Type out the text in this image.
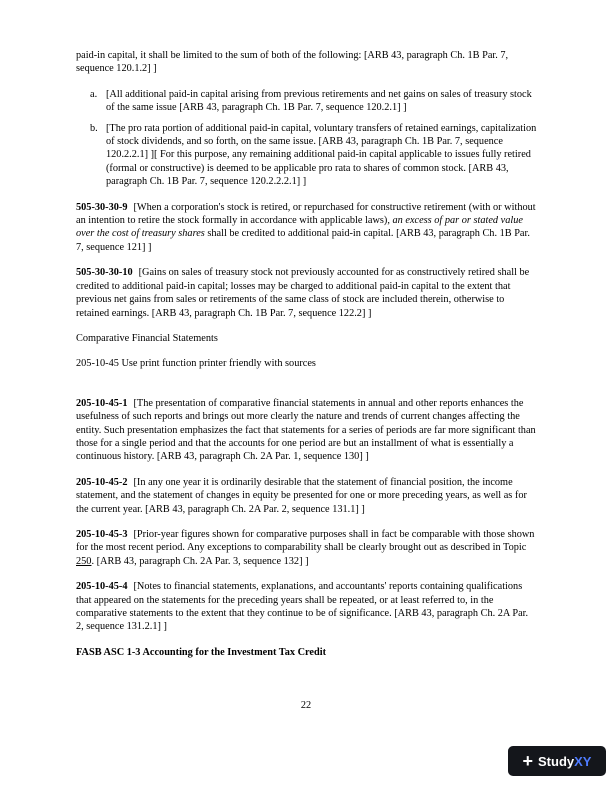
paid-in capital, it shall be limited to the sum of both of the following: [ARB 43, paragraph Ch. 1B Par. 7, sequence 120.1.2] ]

a. [All additional paid-in capital arising from previous retirements and net gains on sales of treasury stock of the same issue [ARB 43, paragraph Ch. 1B Par. 7, sequence 120.2.1] ]
b. [The pro rata portion of additional paid-in capital, voluntary transfers of retained earnings, capitalization of stock dividends, and so forth, on the same issue. [ARB 43, paragraph Ch. 1B Par. 7, sequence 120.2.2.1] ][ For this purpose, any remaining additional paid-in capital applicable to issues fully retired (formal or constructive) is deemed to be applicable pro rata to shares of common stock. [ARB 43, paragraph Ch. 1B Par. 7, sequence 120.2.2.2.1] ]

505-30-30-9 [When a corporation's stock is retired, or repurchased for constructive retirement (with or without an intention to retire the stock formally in accordance with applicable laws), an excess of par or stated value over the cost of treasury shares shall be credited to additional paid-in capital. [ARB 43, paragraph Ch. 1B Par. 7, sequence 121] ]

505-30-30-10 [Gains on sales of treasury stock not previously accounted for as constructively retired shall be credited to additional paid-in capital; losses may be charged to additional paid-in capital to the extent that previous net gains from sales or retirements of the same class of stock are included therein, otherwise to retained earnings. [ARB 43, paragraph Ch. 1B Par. 7, sequence 122.2] ]

Comparative Financial Statements

205-10-45 Use print function printer friendly with sources

205-10-45-1 [The presentation of comparative financial statements in annual and other reports enhances the usefulness of such reports and brings out more clearly the nature and trends of current changes affecting the entity. Such presentation emphasizes the fact that statements for a series of periods are far more significant than those for a single period and that the accounts for one period are but an installment of what is essentially a continuous history. [ARB 43, paragraph Ch. 2A Par. 1, sequence 130] ]

205-10-45-2 [In any one year it is ordinarily desirable that the statement of financial position, the income statement, and the statement of changes in equity be presented for one or more preceding years, as well as for the current year. [ARB 43, paragraph Ch. 2A Par. 2, sequence 131.1] ]

205-10-45-3 [Prior-year figures shown for comparative purposes shall in fact be comparable with those shown for the most recent period. Any exceptions to comparability shall be clearly brought out as described in Topic 250. [ARB 43, paragraph Ch. 2A Par. 3, sequence 132] ]

205-10-45-4 [Notes to financial statements, explanations, and accountants' reports containing qualifications that appeared on the statements for the preceding years shall be repeated, or at least referred to, in the comparative statements to the extent that they continue to be of significance. [ARB 43, paragraph Ch. 2A Par. 2, sequence 131.2.1] ]

FASB ASC 1-3 Accounting for the Investment Tax Credit

22
+ Study XY
